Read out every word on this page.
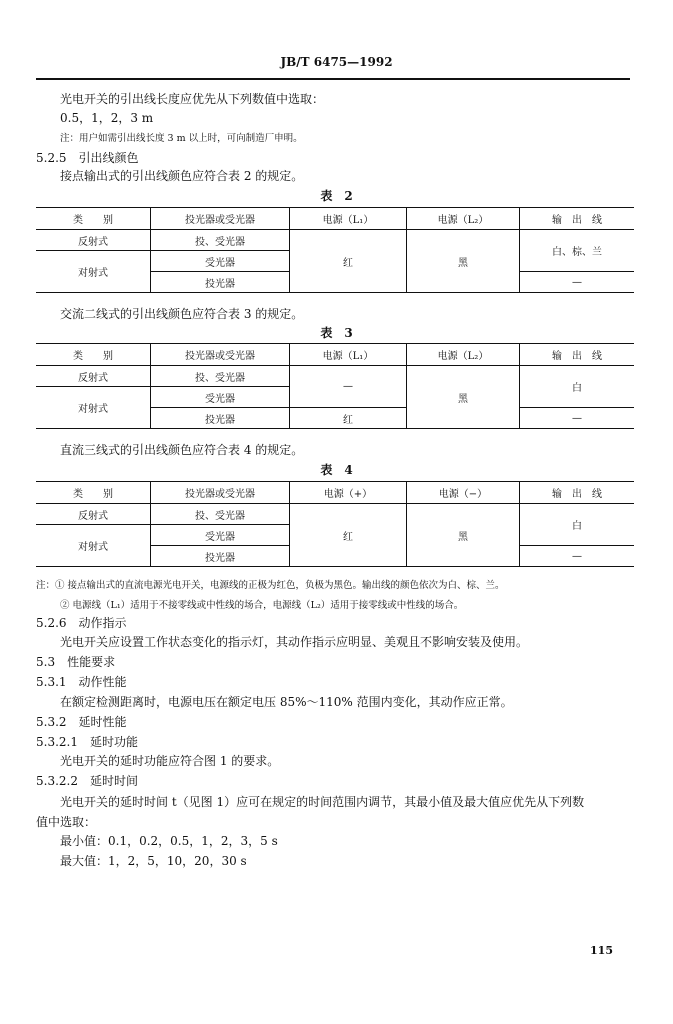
JB/T 6475—1992
光电开关的引出线长度应优先从下列数值中选取：
0.5，1，2，3 m
注：用户如需引出线长度 3 m 以上时，可向制造厂申明。
5.2.5　引出线颜色
接点输出式的引出线颜色应符合表 2 的规定。
表　2
类　　别	投光器或受光器	电源（L₁）	电源（L₂）	输　出　线
反射式	投、受光器	红	黑	白、棕、兰
对射式	受光器			
	投光器			—
交流二线式的引出线颜色应符合表 3 的规定。
表　3
类　　别	投光器或受光器	电源（L₁）	电源（L₂）	输　出　线
反射式	投、受光器	—	黑	白
对射式	受光器			
	投光器	红		—
直流三线式的引出线颜色应符合表 4 的规定。
表　4
类　　别	投光器或受光器	电源（+）	电源（−）	输　出　线
反射式	投、受光器	红	黑	白
对射式	受光器			
	投光器			—
注：① 接点输出式的直流电源光电开关，电源线的正极为红色，负极为黑色。输出线的颜色依次为白、棕、兰。
② 电源线（L₁）适用于不接零线或中性线的场合，电源线（L₂）适用于接零线或中性线的场合。
5.2.6　动作指示
光电开关应设置工作状态变化的指示灯，其动作指示应明显、美观且不影响安装及使用。
5.3　性能要求
5.3.1　动作性能
在额定检测距离时，电源电压在额定电压 85%～110% 范围内变化，其动作应正常。
5.3.2　延时性能
5.3.2.1　延时功能
光电开关的延时功能应符合图 1 的要求。
5.3.2.2　延时时间
光电开关的延时时间 t（见图 1）应可在规定的时间范围内调节，其最小值及最大值应优先从下列数
值中选取：
最小值：0.1，0.2，0.5，1，2，3，5 s
最大值：1，2，5，10，20，30 s
115
